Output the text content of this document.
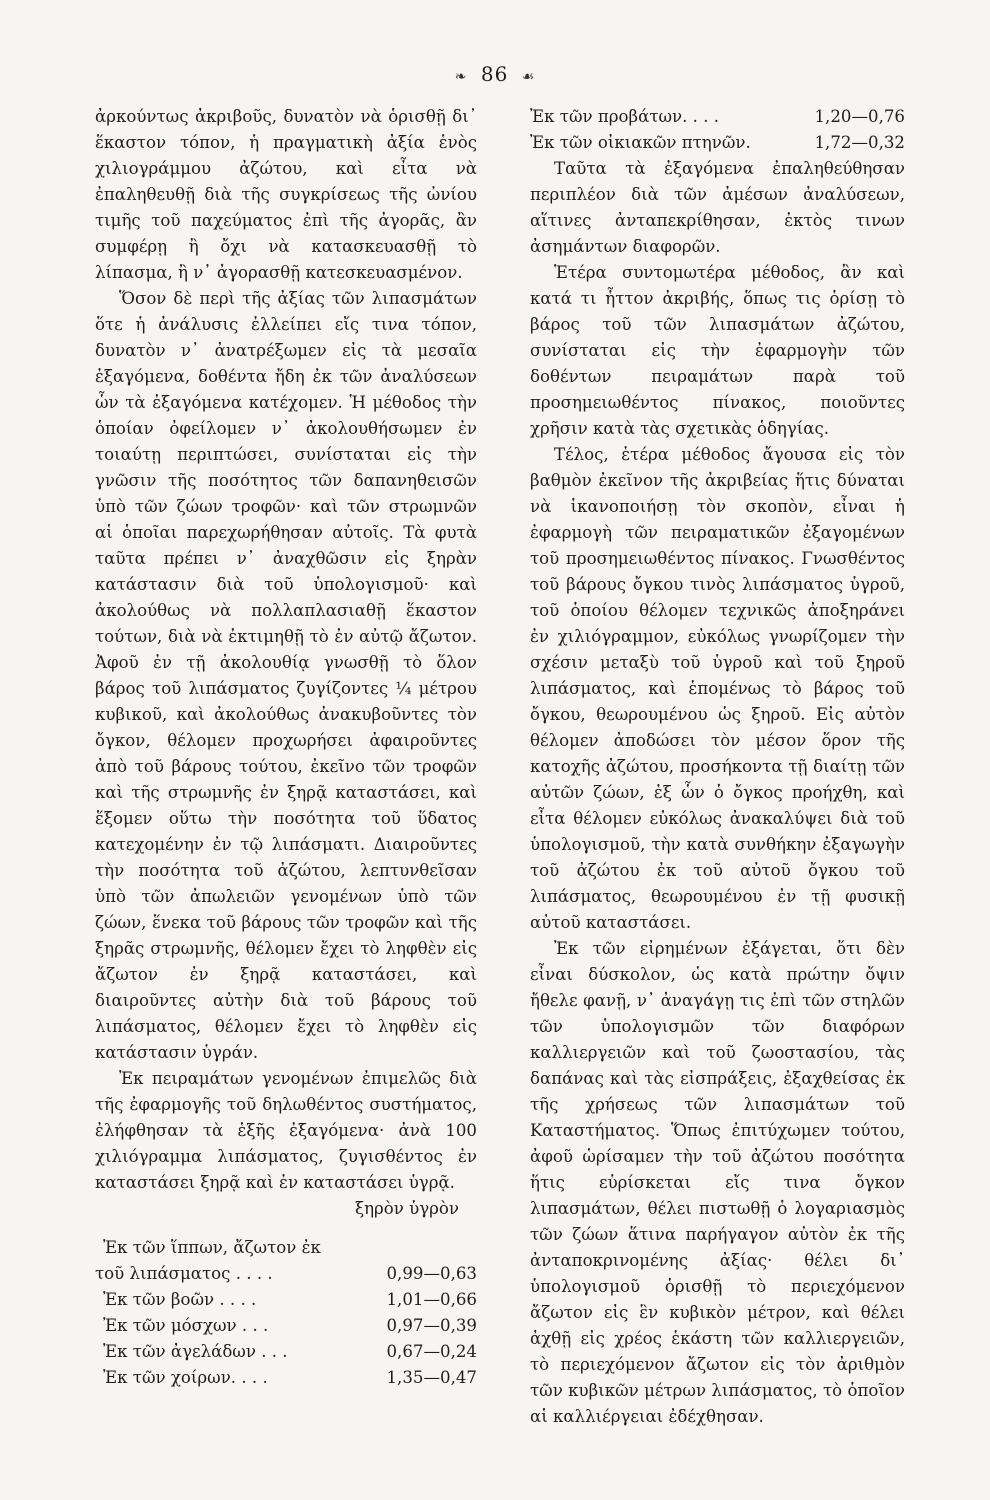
❧ 86 ☙

ἀρκούντως ἀκριβοῦς, δυνατὸν νὰ ὁρισθῇ δι᾽ ἕκαστον τόπον, ἡ πραγματικὴ ἀξία ἑνὸς χιλιογράμμου ἀζώτου, καὶ εἶτα νὰ ἐπαληθευθῇ διὰ τῆς συγκρίσεως τῆς ὠνίου τιμῆς τοῦ παχεύματος ἐπὶ τῆς ἀγορᾶς, ἂν συμφέρῃ ἢ ὄχι νὰ κατασκευασθῇ τὸ λίπασμα, ἢ ν᾽ ἀγορασθῇ κατεσκευασμένον.

Ὅσον δὲ περὶ τῆς ἀξίας τῶν λιπασμάτων ὅτε ἡ ἀνάλυσις ἐλλείπει εἴς τινα τόπον, δυνατὸν ν᾽ ἀνατρέξωμεν εἰς τὰ μεσαῖα ἐξαγόμενα, δοθέντα ἤδη ἐκ τῶν ἀναλύσεων ὧν τὰ ἐξαγόμενα κατέχομεν. Ἡ μέθοδος τὴν ὁποίαν ὀφείλομεν ν᾽ ἀκολουθήσωμεν ἐν τοιαύτῃ περιπτώσει, συνίσταται εἰς τὴν γνῶσιν τῆς ποσότητος τῶν δαπανηθεισῶν ὑπὸ τῶν ζώων τροφῶν· καὶ τῶν στρωμνῶν αἱ ὁποῖαι παρεχωρήθησαν αὐτοῖς. Τὰ φυτὰ ταῦτα πρέπει ν᾽ ἀναχθῶσιν εἰς ξηρὰν κατάστασιν διὰ τοῦ ὑπολογισμοῦ· καὶ ἀκολούθως νὰ πολλαπλασιαθῇ ἕκαστον τούτων, διὰ νὰ ἐκτιμηθῇ τὸ ἐν αὐτῷ ἄζωτον. Ἀφοῦ ἐν τῇ ἀκολουθίᾳ γνωσθῇ τὸ ὅλον βάρος τοῦ λιπάσματος ζυγίζοντες ¼ μέτρου κυβικοῦ, καὶ ἀκολούθως ἀνακυβοῦντες τὸν ὄγκον, θέλομεν προχωρήσει ἀφαιροῦντες ἀπὸ τοῦ βάρους τούτου, ἐκεῖνο τῶν τροφῶν καὶ τῆς στρωμνῆς ἐν ξηρᾷ καταστάσει, καὶ ἕξομεν οὕτω τὴν ποσότητα τοῦ ὕδατος κατεχομένην ἐν τῷ λιπάσματι. Διαιροῦντες τὴν ποσότητα τοῦ ἀζώτου, λεπτυνθεῖσαν ὑπὸ τῶν ἀπωλειῶν γενομένων ὑπὸ τῶν ζώων, ἕνεκα τοῦ βάρους τῶν τροφῶν καὶ τῆς ξηρᾶς στρωμνῆς, θέλομεν ἔχει τὸ ληφθὲν εἰς ἄζωτον ἐν ξηρᾷ καταστάσει, καὶ διαιροῦντες αὐτὴν διὰ τοῦ βάρους τοῦ λιπάσματος, θέλομεν ἔχει τὸ ληφθὲν εἰς κατάστασιν ὑγράν.

Ἐκ πειραμάτων γενομένων ἐπιμελῶς διὰ τῆς ἐφαρμογῆς τοῦ δηλωθέντος συστήματος, ἐλήφθησαν τὰ ἑξῆς ἐξαγόμενα· ἀνὰ 100 χιλιόγραμμα λιπάσματος, ζυγισθέντος ἐν καταστάσει ξηρᾷ καὶ ἐν καταστάσει ὑγρᾷ.

ξηρὸν ὑγρὸν
Ἐκ τῶν ἵππων, ἄζωτον ἐκ
τοῦ λιπάσματος . . . .	0,99—0,63
Ἐκ τῶν βοῶν . . . .	1,01—0,66
Ἐκ τῶν μόσχων . . .	0,97—0,39
Ἐκ τῶν ἀγελάδων . . .	0,67—0,24
Ἐκ τῶν χοίρων. . . .	1,35—0,47
Ἐκ τῶν προβάτων. . . .	1,20—0,76
Ἐκ τῶν οἰκιακῶν πτηνῶν.	1,72—0,32

Ταῦτα τὰ ἐξαγόμενα ἐπαληθεύθησαν περιπλέον διὰ τῶν ἀμέσων ἀναλύσεων, αἵτινες ἀνταπεκρίθησαν, ἐκτὸς τινων ἀσημάντων διαφορῶν.

Ἑτέρα συντομωτέρα μέθοδος, ἂν καὶ κατά τι ἧττον ἀκριβής, ὅπως τις ὁρίσῃ τὸ βάρος τοῦ τῶν λιπασμάτων ἀζώτου, συνίσταται εἰς τὴν ἐφαρμογὴν τῶν δοθέντων πειραμάτων παρὰ τοῦ προσημειωθέντος πίνακος, ποιοῦντες χρῆσιν κατὰ τὰς σχετικὰς ὁδηγίας.

Τέλος, ἑτέρα μέθοδος ἄγουσα εἰς τὸν βαθμὸν ἐκεῖνον τῆς ἀκριβείας ἥτις δύναται νὰ ἱκανοποιήσῃ τὸν σκοπὸν, εἶναι ἡ ἐφαρμογὴ τῶν πειραματικῶν ἐξαγομένων τοῦ προσημειωθέντος πίνακος. Γνωσθέντος τοῦ βάρους ὄγκου τινὸς λιπάσματος ὑγροῦ, τοῦ ὁποίου θέλομεν τεχνικῶς ἀποξηράνει ἐν χιλιόγραμμον, εὐκόλως γνωρίζομεν τὴν σχέσιν μεταξὺ τοῦ ὑγροῦ καὶ τοῦ ξηροῦ λιπάσματος, καὶ ἑπομένως τὸ βάρος τοῦ ὄγκου, θεωρουμένου ὡς ξηροῦ. Εἰς αὐτὸν θέλομεν ἀποδώσει τὸν μέσον ὅρον τῆς κατοχῆς ἀζώτου, προσήκοντα τῇ διαίτῃ τῶν αὐτῶν ζώων, ἐξ ὧν ὁ ὄγκος προήχθη, καὶ εἶτα θέλομεν εὐκόλως ἀνακαλύψει διὰ τοῦ ὑπολογισμοῦ, τὴν κατὰ συνθήκην ἐξαγωγὴν τοῦ ἀζώτου ἐκ τοῦ αὐτοῦ ὄγκου τοῦ λιπάσματος, θεωρουμένου ἐν τῇ φυσικῇ αὐτοῦ καταστάσει.

Ἐκ τῶν εἰρημένων ἐξάγεται, ὅτι δὲν εἶναι δύσκολον, ὡς κατὰ πρώτην ὄψιν ἤθελε φανῇ, ν᾽ ἀναγάγῃ τις ἐπὶ τῶν στηλῶν τῶν ὑπολογισμῶν τῶν διαφόρων καλλιεργειῶν καὶ τοῦ ζωοστασίου, τὰς δαπάνας καὶ τὰς εἰσπράξεις, ἐξαχθείσας ἐκ τῆς χρήσεως τῶν λιπασμάτων τοῦ Καταστήματος. Ὅπως ἐπιτύχωμεν τούτου, ἀφοῦ ὡρίσαμεν τὴν τοῦ ἀζώτου ποσότητα ἥτις εὑρίσκεται εἴς τινα ὄγκον λιπασμάτων, θέλει πιστωθῇ ὁ λογαριασμὸς τῶν ζώων ἅτινα παρήγαγον αὐτὸν ἐκ τῆς ἀνταποκρινομένης ἀξίας· θέλει δι᾽ ὑπολογισμοῦ ὁρισθῇ τὸ περιεχόμενον ἄζωτον εἰς ἓν κυβικὸν μέτρον, καὶ θέλει ἀχθῇ εἰς χρέος ἑκάστη τῶν καλλιεργειῶν, τὸ περιεχόμενον ἄζωτον εἰς τὸν ἀριθμὸν τῶν κυβικῶν μέτρων λιπάσματος, τὸ ὁποῖον αἱ καλλιέργειαι ἐδέχθησαν.
